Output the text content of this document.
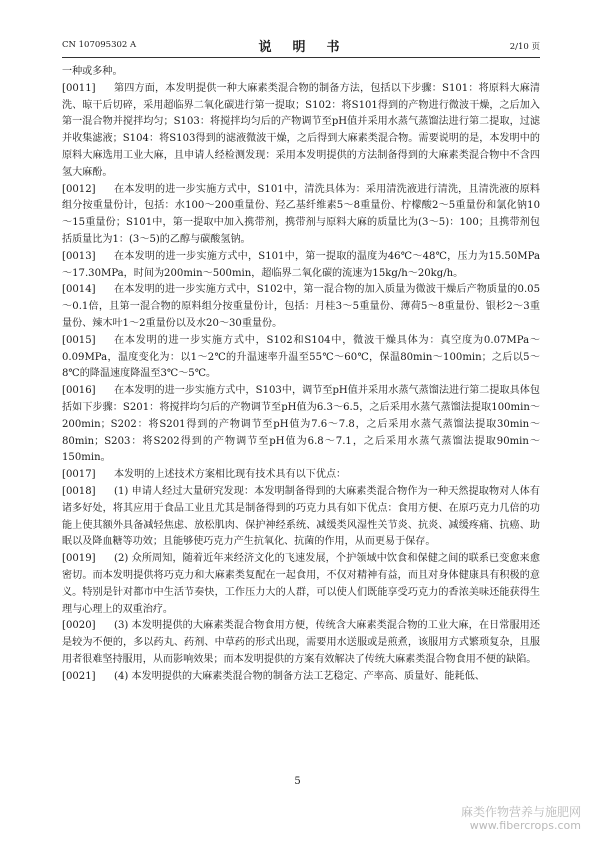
CN 107095302 A	说　明　书	2/10 页

一种或多种。

[0011]	第四方面，本发明提供一种大麻素类混合物的制备方法，包括以下步骤：S101：将原料大麻清洗、晾干后切碎，采用超临界二氧化碳进行第一提取；S102：将S101得到的产物进行微波干燥，之后加入第一混合物并搅拌均匀；S103：将搅拌均匀后的产物调节至pH值并采用水蒸气蒸馏法进行第二提取，过滤并收集滤液；S104：将S103得到的滤液微波干燥，之后得到大麻素类混合物。需要说明的是，本发明中的原料大麻选用工业大麻，且申请人经检测发现：采用本发明提供的方法制备得到的大麻素类混合物中不含四氢大麻酚。
[0012]	在本发明的进一步实施方式中，S101中，清洗具体为：采用清洗液进行清洗，且清洗液的原料组分按重量份计，包括：水100～200重量份、羟乙基纤维素5～8重量份、柠檬酸2～5重量份和氯化钠10～15重量份；S101中，第一提取中加入携带剂，携带剂与原料大麻的质量比为(3～5)：100；且携带剂包括质量比为1：(3～5)的乙醇与碳酸氢钠。
[0013]	在本发明的进一步实施方式中，S101中，第一提取的温度为46℃～48℃，压力为15.50MPa～17.30MPa，时间为200min～500min，超临界二氧化碳的流速为15kg/h～20kg/h。
[0014]	在本发明的进一步实施方式中，S102中，第一混合物的加入质量为微波干燥后产物质量的0.05～0.1倍，且第一混合物的原料组分按重量份计，包括：月桂3～5重量份、薄荷5～8重量份、银杉2～3重量份、辣木叶1～2重量份以及水20～30重量份。
[0015]	在本发明的进一步实施方式中，S102和S104中，微波干燥具体为：真空度为0.07MPa～0.09MPa，温度变化为：以1～2℃的升温速率升温至55℃～60℃，保温80min～100min；之后以5～8℃的降温速度降温至3℃～5℃。
[0016]	在本发明的进一步实施方式中，S103中，调节至pH值并采用水蒸气蒸馏法进行第二提取具体包括如下步骤：S201：将搅拌均匀后的产物调节至pH值为6.3～6.5，之后采用水蒸气蒸馏法提取100min～200min；S202：将S201得到的产物调节至pH值为7.6～7.8，之后采用水蒸气蒸馏法提取30min～80min；S203：将S202得到的产物调节至pH值为6.8～7.1，之后采用水蒸气蒸馏法提取90min～150min。
[0017]	本发明的上述技术方案相比现有技术具有以下优点：
[0018]	(1) 申请人经过大量研究发现：本发明制备得到的大麻素类混合物作为一种天然提取物对人体有诸多好处，将其应用于食品工业且尤其是制备得到的巧克力具有如下优点：食用方便、在原巧克力几倍的功能上使其额外具备减轻焦虑、放松肌肉、保护神经系统、减缓类风湿性关节炎、抗炎、减缓疼痛、抗癌、助眠以及降血糖等功效；且能够使巧克力产生抗氧化、抗菌的作用，从而更易于保存。
[0019]	(2) 众所周知，随着近年来经济文化的飞速发展，个护领域中饮食和保健之间的联系已变愈来愈密切。而本发明提供将巧克力和大麻素类复配在一起食用，不仅对精神有益，而且对身体健康具有积极的意义。特别是针对都市中生活节奏快，工作压力大的人群，可以使人们既能享受巧克力的香浓美味还能获得生理与心理上的双重治疗。
[0020]	(3) 本发明提供的大麻素类混合物食用方便，传统含大麻素类混合物的工业大麻，在日常服用还是较为不便的，多以药丸、药剂、中草药的形式出现，需要用水送服或是煎煮，该服用方式繁琐复杂，且服用者很难坚持服用，从而影响效果；而本发明提供的方案有效解决了传统大麻素类混合物食用不便的缺陷。
[0021]	(4) 本发明提供的大麻素类混合物的制备方法工艺稳定、产率高、质量好、能耗低、
5
麻类作物营养与施肥网
www.fibercrops.com
